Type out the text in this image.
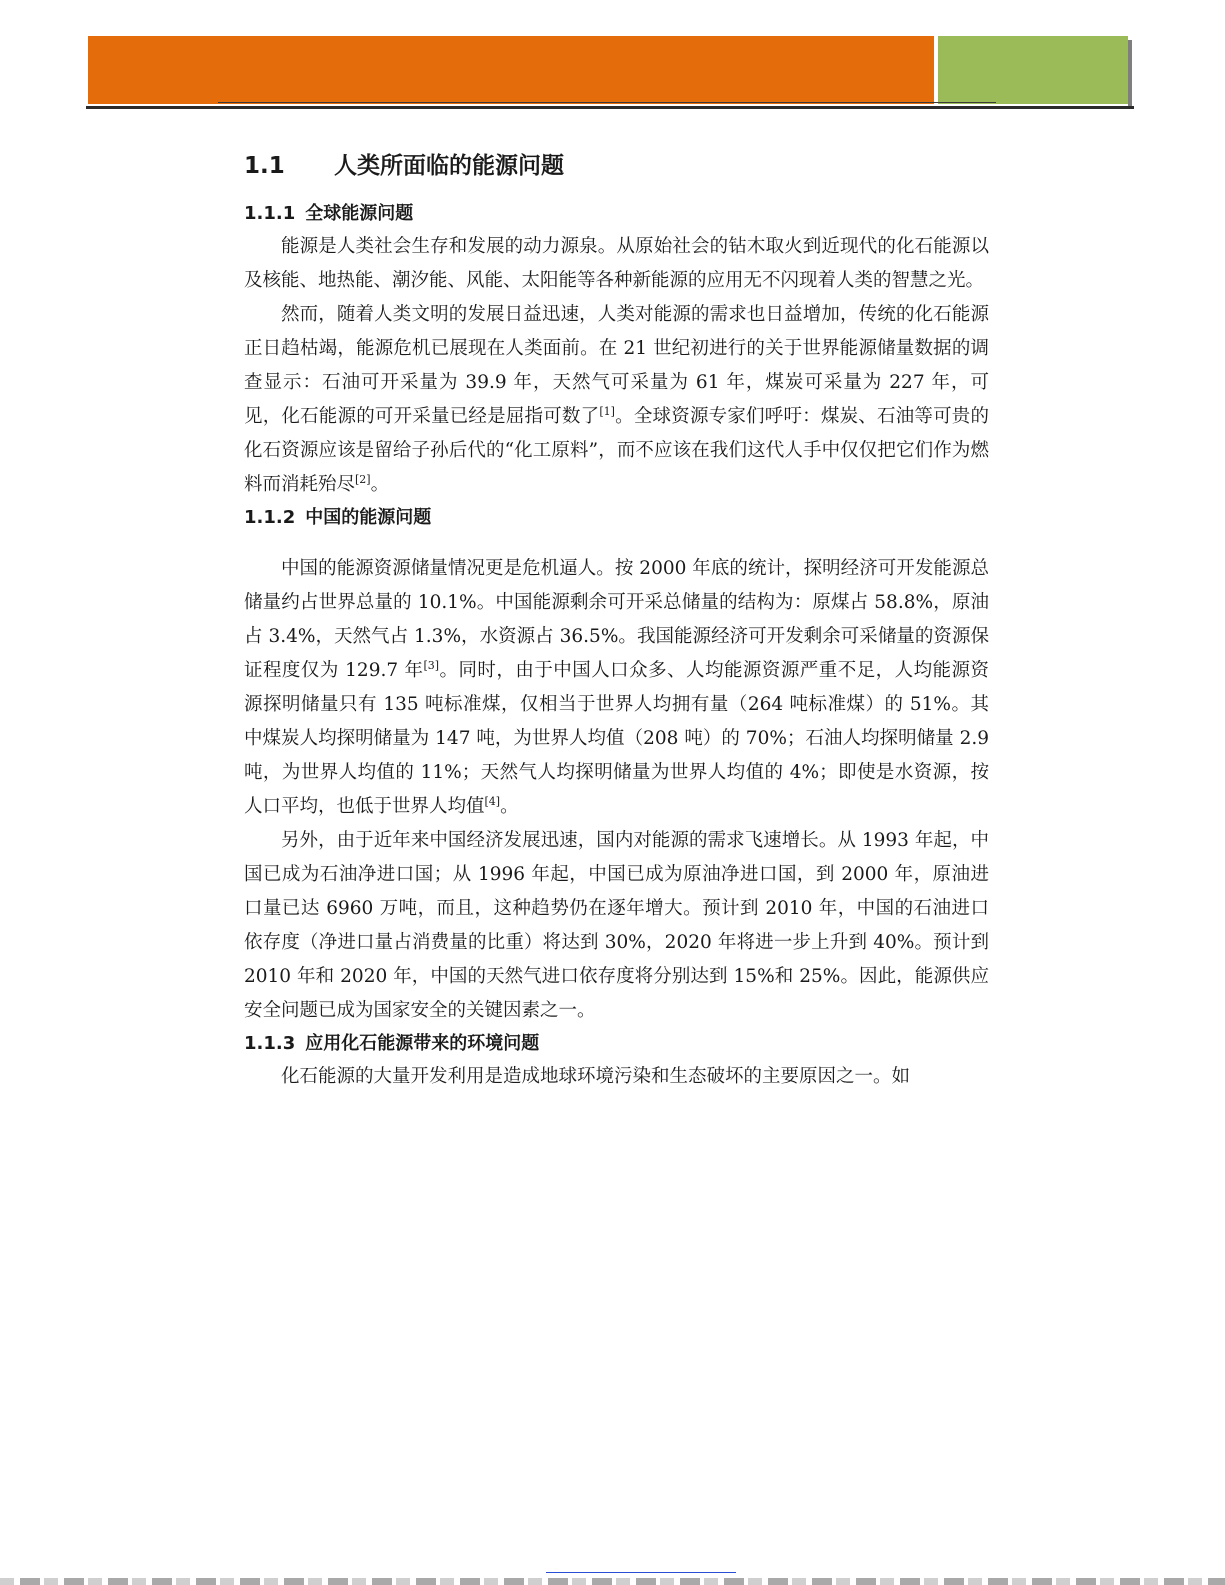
1.1 人类所面临的能源问题
1.1.1 全球能源问题

能源是人类社会生存和发展的动力源泉。从原始社会的钻木取火到近现代的化石能源以及核能、地热能、潮汐能、风能、太阳能等各种新能源的应用无不闪现着人类的智慧之光。

然而，随着人类文明的发展日益迅速，人类对能源的需求也日益增加，传统的化石能源正日趋枯竭，能源危机已展现在人类面前。在 21 世纪初进行的关于世界能源储量数据的调查显示：石油可开采量为 39.9 年，天然气可采量为 61 年，煤炭可采量为 227 年，可见，化石能源的可开采量已经是屈指可数了[1]。全球资源专家们呼吁：煤炭、石油等可贵的化石资源应该是留给子孙后代的“化工原料”，而不应该在我们这代人手中仅仅把它们作为燃料而消耗殆尽[2]。

1.1.2 中国的能源问题

中国的能源资源储量情况更是危机逼人。按 2000 年底的统计，探明经济可开发能源总储量约占世界总量的 10.1%。中国能源剩余可开采总储量的结构为：原煤占 58.8%，原油占 3.4%，天然气占 1.3%，水资源占 36.5%。我国能源经济可开发剩余可采储量的资源保证程度仅为 129.7 年[3]。同时，由于中国人口众多、人均能源资源严重不足，人均能源资源探明储量只有 135 吨标准煤，仅相当于世界人均拥有量（264 吨标准煤）的 51%。其中煤炭人均探明储量为 147 吨，为世界人均值（208 吨）的 70%；石油人均探明储量 2.9 吨，为世界人均值的 11%；天然气人均探明储量为世界人均值的 4%；即使是水资源，按人口平均，也低于世界人均值[4]。

另外，由于近年来中国经济发展迅速，国内对能源的需求飞速增长。从 1993 年起，中国已成为石油净进口国；从 1996 年起，中国已成为原油净进口国，到 2000 年，原油进口量已达 6960 万吨，而且，这种趋势仍在逐年增大。预计到 2010 年，中国的石油进口依存度（净进口量占消费量的比重）将达到 30%，2020 年将进一步上升到 40%。预计到 2010 年和 2020 年，中国的天然气进口依存度将分别达到 15%和 25%。因此，能源供应安全问题已成为国家安全的关键因素之一。

1.1.3 应用化石能源带来的环境问题

化石能源的大量开发利用是造成地球环境污染和生态破坏的主要原因之一。如
